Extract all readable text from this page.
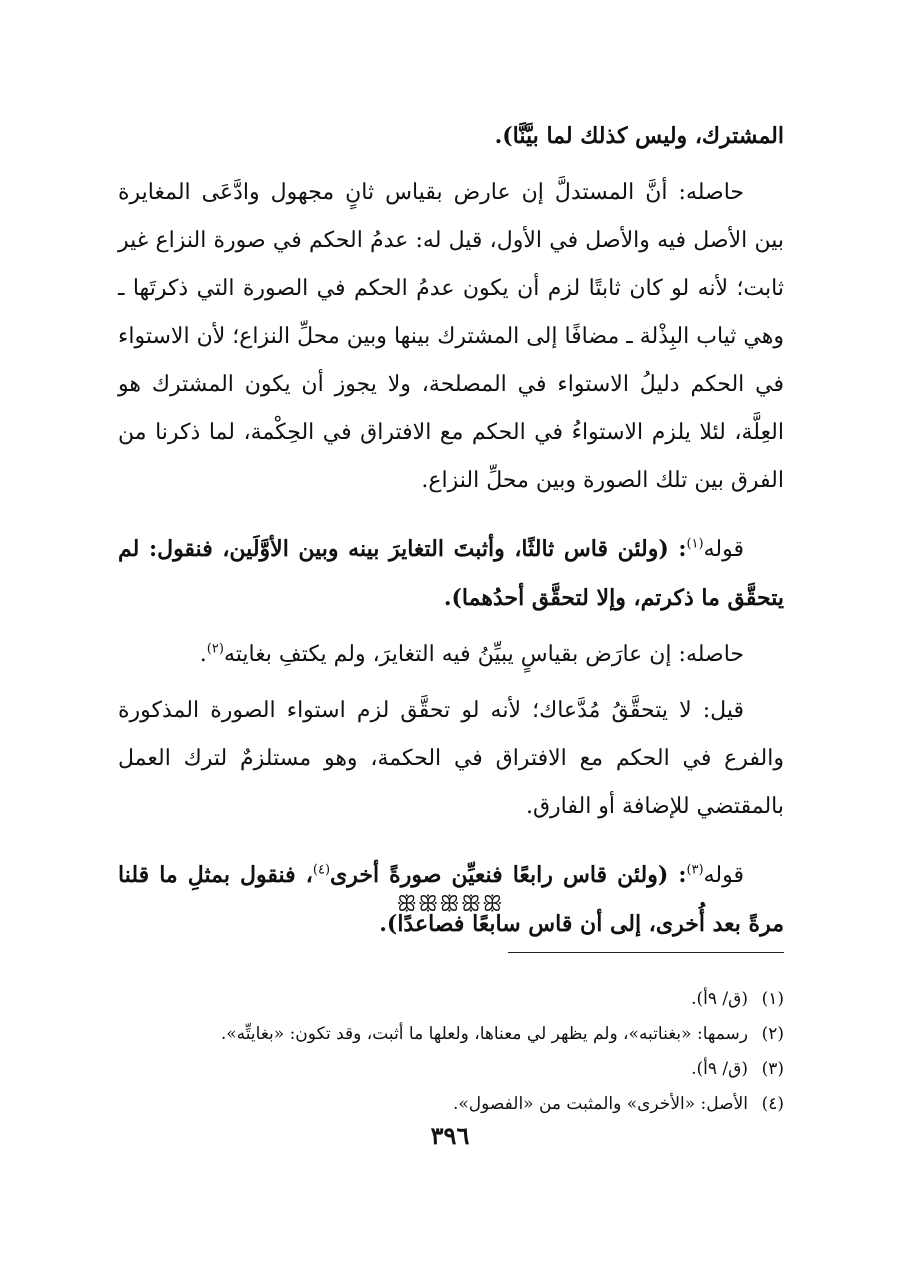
المشترك، وليس كذلك لما بيَّنَّا).

حاصله: أنَّ المستدلَّ إن عارض بقياس ثانٍ مجهول وادَّعَى المغايرة بين الأصل فيه والأصل في الأول، قيل له: عدمُ الحكم في صورة النزاع غير ثابت؛ لأنه لو كان ثابتًا لزم أن يكون عدمُ الحكم في الصورة التي ذكرتَها ـ وهي ثياب البِذْلة ـ مضافًا إلى المشترك بينها وبين محلِّ النزاع؛ لأن الاستواء في الحكم دليلُ الاستواء في المصلحة، ولا يجوز أن يكون المشترك هو العِلَّة، لئلا يلزم الاستواءُ في الحكم مع الافتراق في الحِكْمة، لما ذكرنا من الفرق بين تلك الصورة وبين محلِّ النزاع.

قوله$^{(١)}$: (ولئن قاس ثالثًا، وأثبتَ التغايرَ بينه وبين الأوَّلَين، فنقول: لم يتحقَّق ما ذكرتم، وإلا لتحقَّق أحدُهما).

حاصله: إن عارَض بقياسٍ يبيِّنُ فيه التغايرَ، ولم يكتفِ بغايته$^{(٢)}$.

قيل: لا يتحقَّقُ مُدَّعاك؛ لأنه لو تحقَّق لزم استواء الصورة المذكورة والفرع في الحكم مع الافتراق في الحكمة، وهو مستلزمٌ لترك العمل بالمقتضي للإضافة أو الفارق.

قوله$^{(٣)}$: (ولئن قاس رابعًا فنعيِّن صورةً أخرى$^{(٤)}$، فنقول بمثلِ ما قلنا مرةً بعد أُخرى، إلى أن قاس سابعًا فصاعدًا).

ꕥꕥꕥꕥꕥ

(١)(ق/ ٩أ).

(٢)رسمها: «بغناتبه»، ولم يظهر لي معناها، ولعلها ما أثبت، وقد تكون: «بغايتِّه».

(٣)(ق/ ٩أ).

(٤)الأصل: «الأخرى» والمثبت من «الفصول».

٣٩٦
